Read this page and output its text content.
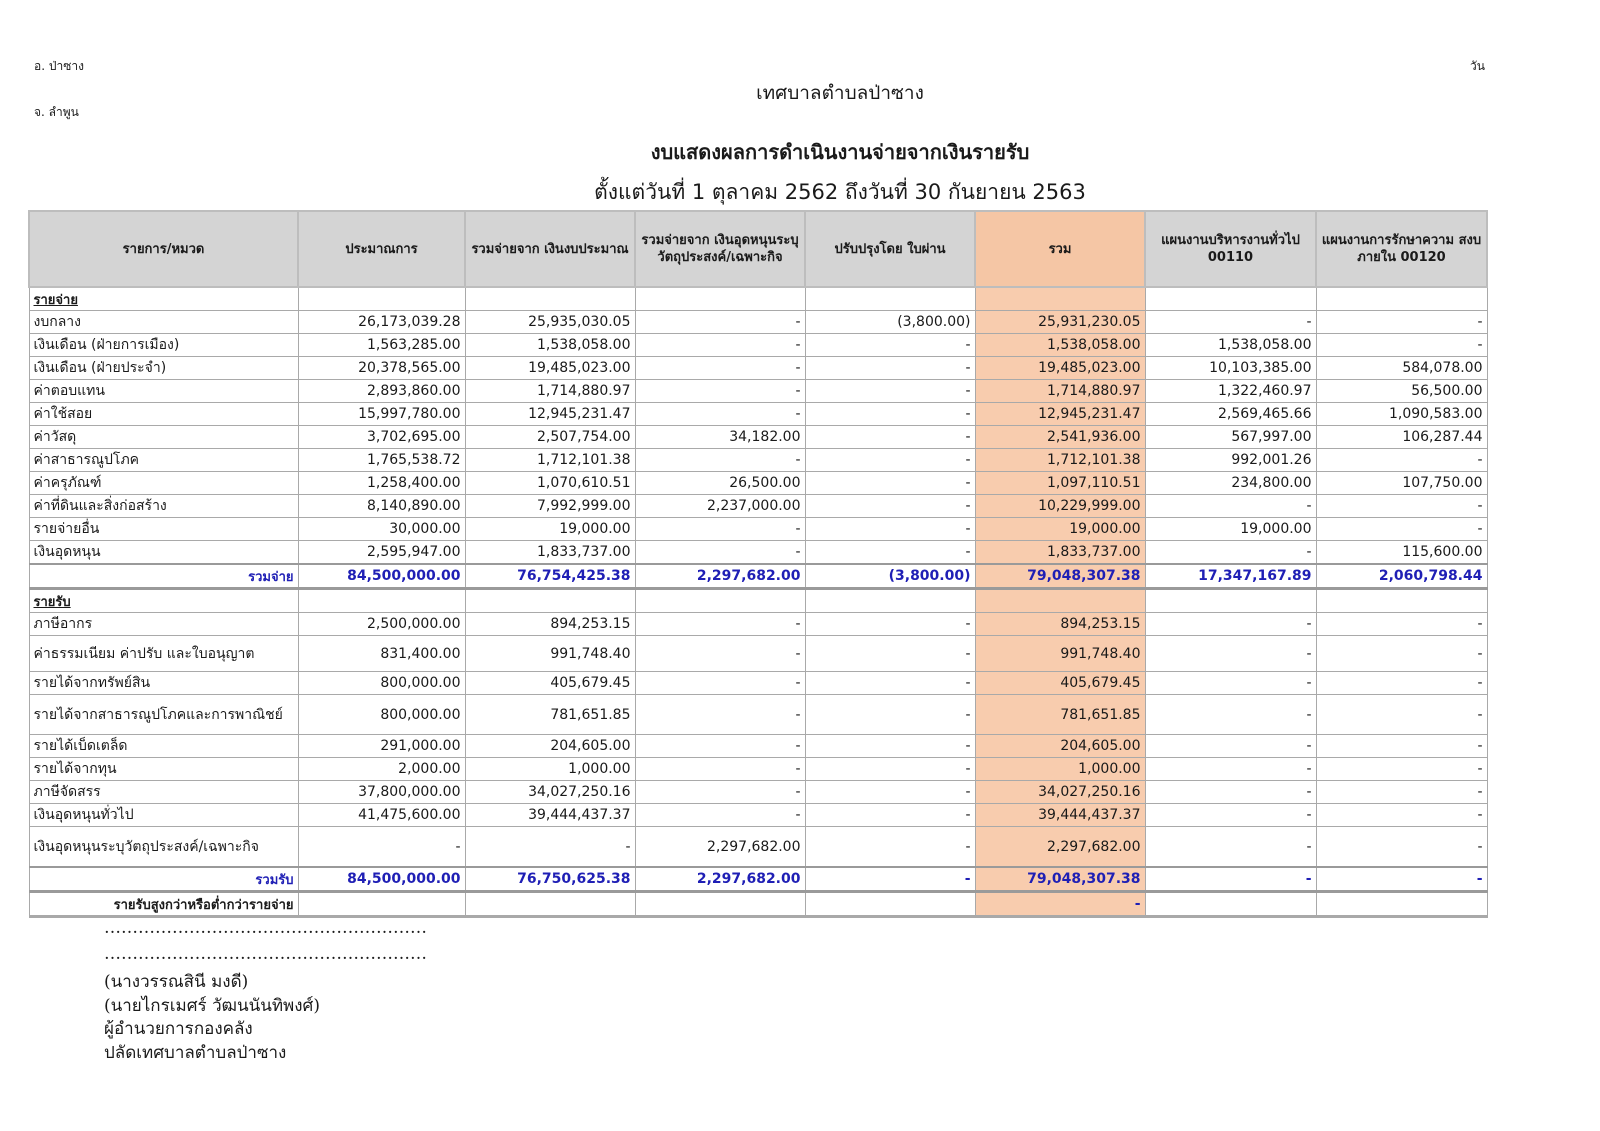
อ. ป่าซาง
จ. ลำพูน
วัน
เทศบาลตำบลป่าซาง
งบแสดงผลการดำเนินงานจ่ายจากเงินรายรับ
ตั้งแต่วันที่ 1 ตุลาคม 2562 ถึงวันที่ 30 กันยายน 2563
รายการ/หมวด	ประมาณการ	รวมจ่ายจาก เงินงบประมาณ	รวมจ่ายจาก เงินอุดหนุนระบุ วัตถุประสงค์/เฉพาะกิจ	ปรับปรุงโดย ใบผ่าน	รวม	แผนงานบริหารงานทั่วไป 00110	แผนงานการรักษาความ สงบภายใน 00120
รายจ่าย							
งบกลาง	26,173,039.28	25,935,030.05	-	(3,800.00)	25,931,230.05	-	-
เงินเดือน (ฝ่ายการเมือง)	1,563,285.00	1,538,058.00	-	-	1,538,058.00	1,538,058.00	-
เงินเดือน (ฝ่ายประจำ)	20,378,565.00	19,485,023.00	-	-	19,485,023.00	10,103,385.00	584,078.00
ค่าตอบแทน	2,893,860.00	1,714,880.97	-	-	1,714,880.97	1,322,460.97	56,500.00
ค่าใช้สอย	15,997,780.00	12,945,231.47	-	-	12,945,231.47	2,569,465.66	1,090,583.00
ค่าวัสดุ	3,702,695.00	2,507,754.00	34,182.00	-	2,541,936.00	567,997.00	106,287.44
ค่าสาธารณูปโภค	1,765,538.72	1,712,101.38	-	-	1,712,101.38	992,001.26	-
ค่าครุภัณฑ์	1,258,400.00	1,070,610.51	26,500.00	-	1,097,110.51	234,800.00	107,750.00
ค่าที่ดินและสิ่งก่อสร้าง	8,140,890.00	7,992,999.00	2,237,000.00	-	10,229,999.00	-	-
รายจ่ายอื่น	30,000.00	19,000.00	-	-	19,000.00	19,000.00	-
เงินอุดหนุน	2,595,947.00	1,833,737.00	-	-	1,833,737.00	-	115,600.00
รวมจ่าย	84,500,000.00	76,754,425.38	2,297,682.00	(3,800.00)	79,048,307.38	17,347,167.89	2,060,798.44
รายรับ							
ภาษีอากร	2,500,000.00	894,253.15	-	-	894,253.15	-	-
ค่าธรรมเนียม ค่าปรับ และใบอนุญาต	831,400.00	991,748.40	-	-	991,748.40	-	-
รายได้จากทรัพย์สิน	800,000.00	405,679.45	-	-	405,679.45	-	-
รายได้จากสาธารณูปโภคและการพาณิชย์	800,000.00	781,651.85	-	-	781,651.85	-	-
รายได้เบ็ดเตล็ด	291,000.00	204,605.00	-	-	204,605.00	-	-
รายได้จากทุน	2,000.00	1,000.00	-	-	1,000.00	-	-
ภาษีจัดสรร	37,800,000.00	34,027,250.16	-	-	34,027,250.16	-	-
เงินอุดหนุนทั่วไป	41,475,600.00	39,444,437.37	-	-	39,444,437.37	-	-
เงินอุดหนุนระบุวัตถุประสงค์/เฉพาะกิจ	-	-	2,297,682.00	-	2,297,682.00	-	-
รวมรับ	84,500,000.00	76,750,625.38	2,297,682.00	-	79,048,307.38	-	-
รายรับสูงกว่าหรือต่ำกว่ารายจ่าย					-		
…………………………………………………
…………………………………………………
(นางวรรณสินี มงดี)
(นายไกรเมศร์ วัฒนนันทิพงศ์)
ผู้อำนวยการกองคลัง
ปลัดเทศบาลตำบลป่าซาง
